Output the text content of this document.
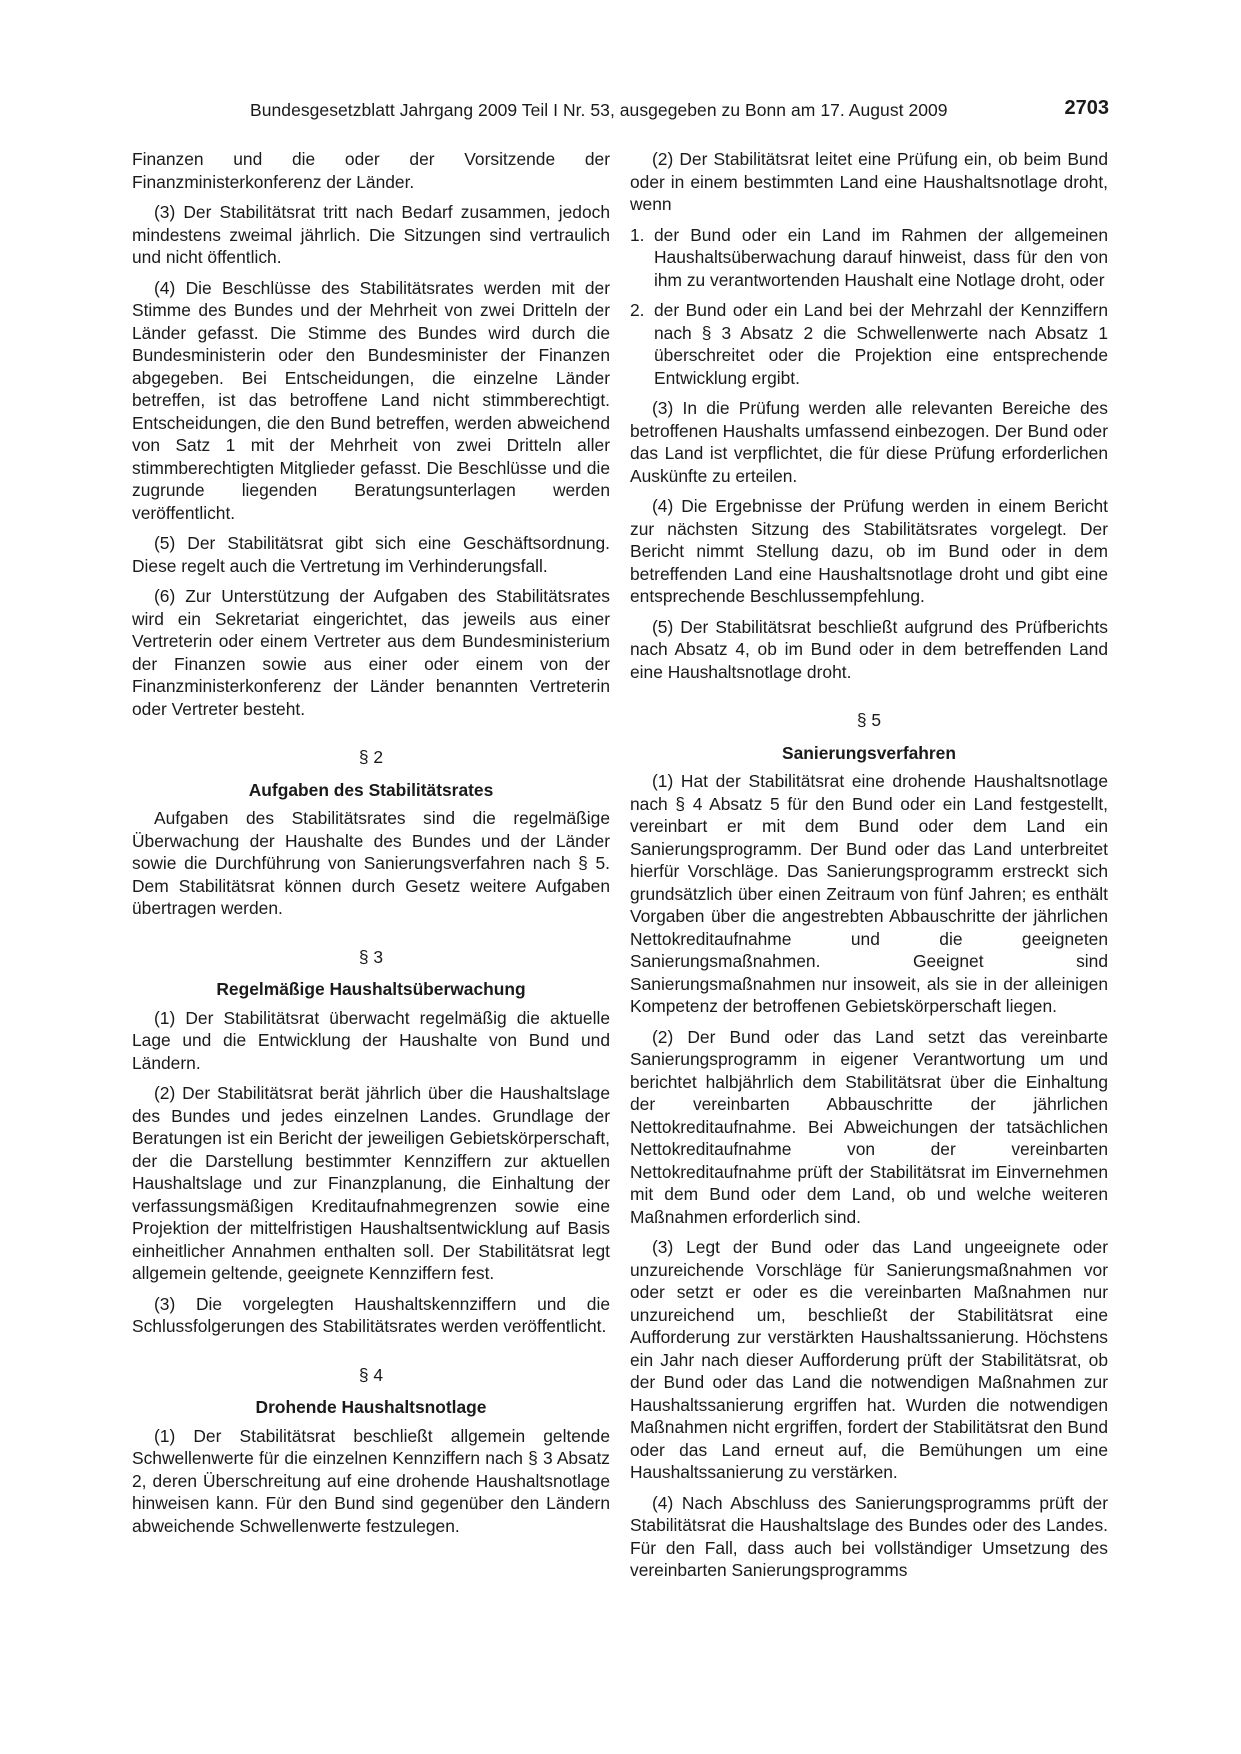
Bundesgesetzblatt Jahrgang 2009 Teil I Nr. 53, ausgegeben zu Bonn am 17. August 2009	2703

Finanzen und die oder der Vorsitzende der Finanzministerkonferenz der Länder.

(3) Der Stabilitätsrat tritt nach Bedarf zusammen, jedoch mindestens zweimal jährlich. Die Sitzungen sind vertraulich und nicht öffentlich.

(4) Die Beschlüsse des Stabilitätsrates werden mit der Stimme des Bundes und der Mehrheit von zwei Dritteln der Länder gefasst. Die Stimme des Bundes wird durch die Bundesministerin oder den Bundesminister der Finanzen abgegeben. Bei Entscheidungen, die einzelne Länder betreffen, ist das betroffene Land nicht stimmberechtigt. Entscheidungen, die den Bund betreffen, werden abweichend von Satz 1 mit der Mehrheit von zwei Dritteln aller stimmberechtigten Mitglieder gefasst. Die Beschlüsse und die zugrunde liegenden Beratungsunterlagen werden veröffentlicht.

(5) Der Stabilitätsrat gibt sich eine Geschäftsordnung. Diese regelt auch die Vertretung im Verhinderungsfall.

(6) Zur Unterstützung der Aufgaben des Stabilitätsrates wird ein Sekretariat eingerichtet, das jeweils aus einer Vertreterin oder einem Vertreter aus dem Bundesministerium der Finanzen sowie aus einer oder einem von der Finanzministerkonferenz der Länder benannten Vertreterin oder Vertreter besteht.

§ 2
Aufgaben des Stabilitätsrates

Aufgaben des Stabilitätsrates sind die regelmäßige Überwachung der Haushalte des Bundes und der Länder sowie die Durchführung von Sanierungsverfahren nach § 5. Dem Stabilitätsrat können durch Gesetz weitere Aufgaben übertragen werden.

§ 3
Regelmäßige Haushaltsüberwachung

(1) Der Stabilitätsrat überwacht regelmäßig die aktuelle Lage und die Entwicklung der Haushalte von Bund und Ländern.

(2) Der Stabilitätsrat berät jährlich über die Haushaltslage des Bundes und jedes einzelnen Landes. Grundlage der Beratungen ist ein Bericht der jeweiligen Gebietskörperschaft, der die Darstellung bestimmter Kennziffern zur aktuellen Haushaltslage und zur Finanzplanung, die Einhaltung der verfassungsmäßigen Kreditaufnahmegrenzen sowie eine Projektion der mittelfristigen Haushaltsentwicklung auf Basis einheitlicher Annahmen enthalten soll. Der Stabilitätsrat legt allgemein geltende, geeignete Kennziffern fest.

(3) Die vorgelegten Haushaltskennziffern und die Schlussfolgerungen des Stabilitätsrates werden veröffentlicht.

§ 4
Drohende Haushaltsnotlage

(1) Der Stabilitätsrat beschließt allgemein geltende Schwellenwerte für die einzelnen Kennziffern nach § 3 Absatz 2, deren Überschreitung auf eine drohende Haushaltsnotlage hinweisen kann. Für den Bund sind gegenüber den Ländern abweichende Schwellenwerte festzulegen.

(2) Der Stabilitätsrat leitet eine Prüfung ein, ob beim Bund oder in einem bestimmten Land eine Haushaltsnotlage droht, wenn

1. der Bund oder ein Land im Rahmen der allgemeinen Haushaltsüberwachung darauf hinweist, dass für den von ihm zu verantwortenden Haushalt eine Notlage droht, oder
2. der Bund oder ein Land bei der Mehrzahl der Kennziffern nach § 3 Absatz 2 die Schwellenwerte nach Absatz 1 überschreitet oder die Projektion eine entsprechende Entwicklung ergibt.

(3) In die Prüfung werden alle relevanten Bereiche des betroffenen Haushalts umfassend einbezogen. Der Bund oder das Land ist verpflichtet, die für diese Prüfung erforderlichen Auskünfte zu erteilen.

(4) Die Ergebnisse der Prüfung werden in einem Bericht zur nächsten Sitzung des Stabilitätsrates vorgelegt. Der Bericht nimmt Stellung dazu, ob im Bund oder in dem betreffenden Land eine Haushaltsnotlage droht und gibt eine entsprechende Beschlussempfehlung.

(5) Der Stabilitätsrat beschließt aufgrund des Prüfberichts nach Absatz 4, ob im Bund oder in dem betreffenden Land eine Haushaltsnotlage droht.

§ 5
Sanierungsverfahren

(1) Hat der Stabilitätsrat eine drohende Haushaltsnotlage nach § 4 Absatz 5 für den Bund oder ein Land festgestellt, vereinbart er mit dem Bund oder dem Land ein Sanierungsprogramm. Der Bund oder das Land unterbreitet hierfür Vorschläge. Das Sanierungsprogramm erstreckt sich grundsätzlich über einen Zeitraum von fünf Jahren; es enthält Vorgaben über die angestrebten Abbauschritte der jährlichen Nettokreditaufnahme und die geeigneten Sanierungsmaßnahmen. Geeignet sind Sanierungsmaßnahmen nur insoweit, als sie in der alleinigen Kompetenz der betroffenen Gebietskörperschaft liegen.

(2) Der Bund oder das Land setzt das vereinbarte Sanierungsprogramm in eigener Verantwortung um und berichtet halbjährlich dem Stabilitätsrat über die Einhaltung der vereinbarten Abbauschritte der jährlichen Nettokreditaufnahme. Bei Abweichungen der tatsächlichen Nettokreditaufnahme von der vereinbarten Nettokreditaufnahme prüft der Stabilitätsrat im Einvernehmen mit dem Bund oder dem Land, ob und welche weiteren Maßnahmen erforderlich sind.

(3) Legt der Bund oder das Land ungeeignete oder unzureichende Vorschläge für Sanierungsmaßnahmen vor oder setzt er oder es die vereinbarten Maßnahmen nur unzureichend um, beschließt der Stabilitätsrat eine Aufforderung zur verstärkten Haushaltssanierung. Höchstens ein Jahr nach dieser Aufforderung prüft der Stabilitätsrat, ob der Bund oder das Land die notwendigen Maßnahmen zur Haushaltssanierung ergriffen hat. Wurden die notwendigen Maßnahmen nicht ergriffen, fordert der Stabilitätsrat den Bund oder das Land erneut auf, die Bemühungen um eine Haushaltssanierung zu verstärken.

(4) Nach Abschluss des Sanierungsprogramms prüft der Stabilitätsrat die Haushaltslage des Bundes oder des Landes. Für den Fall, dass auch bei vollständiger Umsetzung des vereinbarten Sanierungsprogramms
